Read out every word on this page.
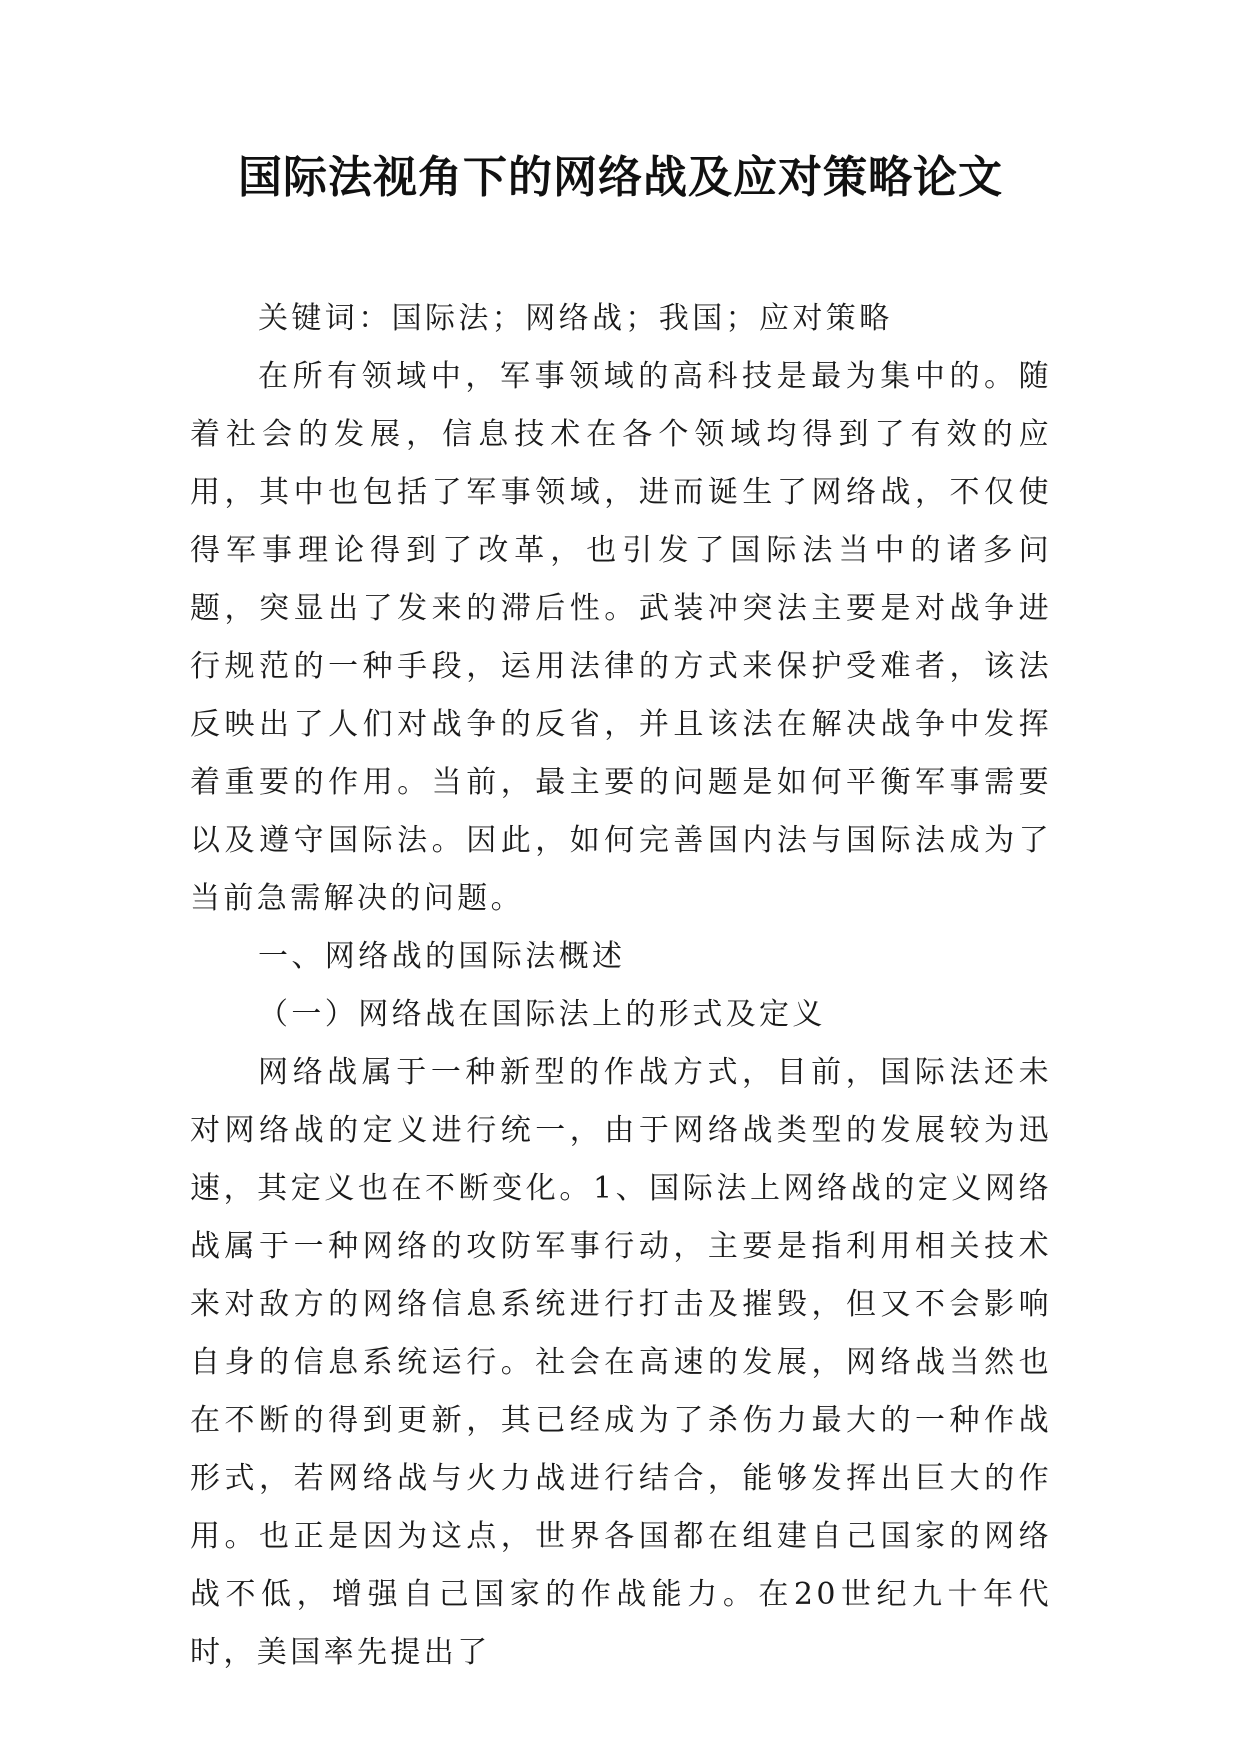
国际法视角下的网络战及应对策略论文

关键词：国际法；网络战；我国；应对策略

在所有领域中，军事领域的高科技是最为集中的。随着社会的发展，信息技术在各个领域均得到了有效的应用，其中也包括了军事领域，进而诞生了网络战，不仅使得军事理论得到了改革，也引发了国际法当中的诸多问题，突显出了发来的滞后性。武装冲突法主要是对战争进行规范的一种手段，运用法律的方式来保护受难者，该法反映出了人们对战争的反省，并且该法在解决战争中发挥着重要的作用。当前，最主要的问题是如何平衡军事需要以及遵守国际法。因此，如何完善国内法与国际法成为了当前急需解决的问题。

一、网络战的国际法概述

（一）网络战在国际法上的形式及定义

网络战属于一种新型的作战方式，目前，国际法还未对网络战的定义进行统一，由于网络战类型的发展较为迅速，其定义也在不断变化。1、国际法上网络战的定义网络战属于一种网络的攻防军事行动，主要是指利用相关技术来对敌方的网络信息系统进行打击及摧毁，但又不会影响自身的信息系统运行。社会在高速的发展，网络战当然也在不断的得到更新，其已经成为了杀伤力最大的一种作战形式，若网络战与火力战进行结合，能够发挥出巨大的作用。也正是因为这点，世界各国都在组建自己国家的网络战不低，增强自己国家的作战能力。在20世纪九十年代时，美国率先提出了
